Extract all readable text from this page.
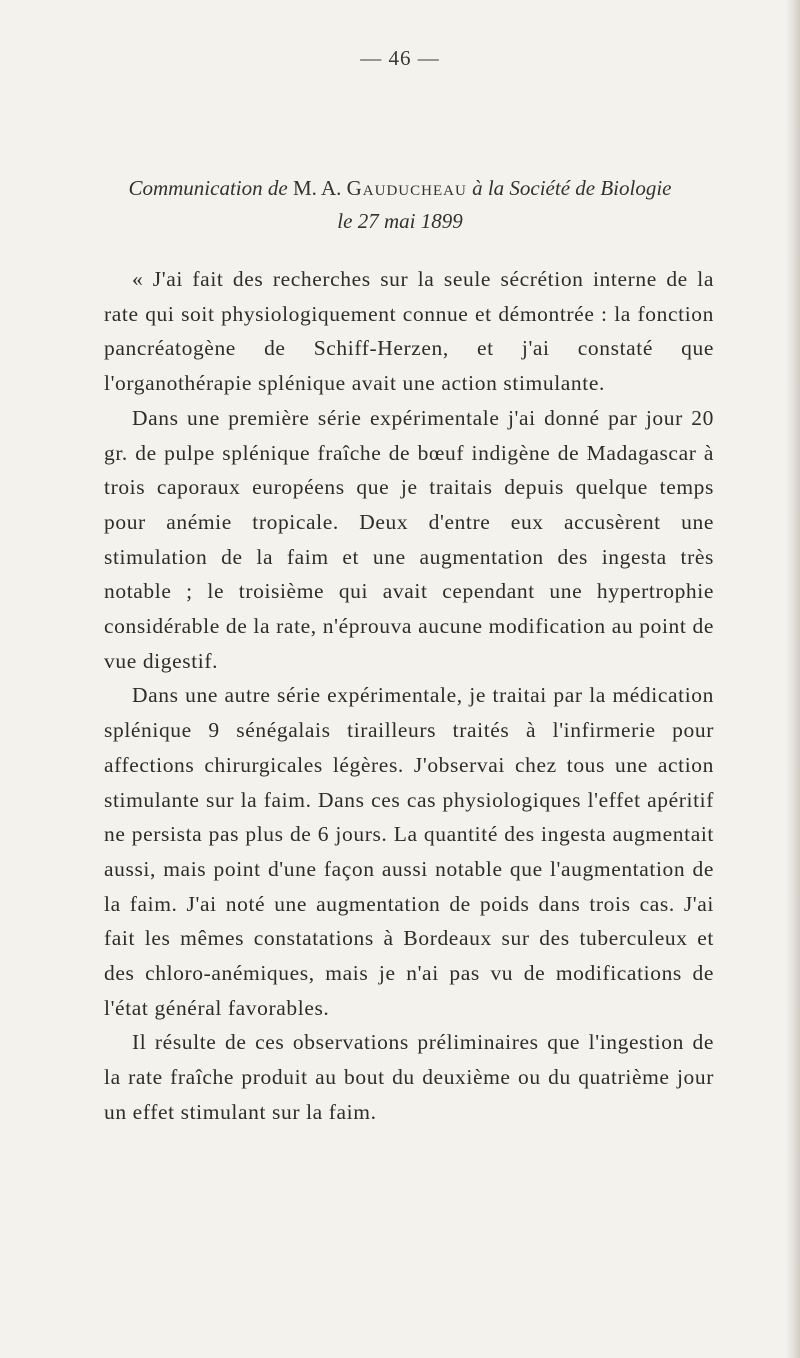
— 46 —
Communication de M. A. Gauducheau à la Société de Biologie
le 27 mai 1899

« J'ai fait des recherches sur la seule sécrétion interne de la rate qui soit physiologiquement connue et démontrée : la fonction pancréatogène de Schiff-Herzen, et j'ai constaté que l'organothérapie splénique avait une action stimulante.

Dans une première série expérimentale j'ai donné par jour 20 gr. de pulpe splénique fraîche de bœuf indigène de Madagascar à trois caporaux européens que je traitais depuis quelque temps pour anémie tropicale. Deux d'entre eux accusèrent une stimulation de la faim et une augmentation des ingesta très notable ; le troisième qui avait cependant une hypertrophie considérable de la rate, n'éprouva aucune modification au point de vue digestif.

Dans une autre série expérimentale, je traitai par la médication splénique 9 sénégalais tirailleurs traités à l'infirmerie pour affections chirurgicales légères. J'observai chez tous une action stimulante sur la faim. Dans ces cas physiologiques l'effet apéritif ne persista pas plus de 6 jours. La quantité des ingesta augmentait aussi, mais point d'une façon aussi notable que l'augmentation de la faim. J'ai noté une augmentation de poids dans trois cas. J'ai fait les mêmes constatations à Bordeaux sur des tuberculeux et des chloro-anémiques, mais je n'ai pas vu de modifications de l'état général favorables.

Il résulte de ces observations préliminaires que l'ingestion de la rate fraîche produit au bout du deuxième ou du quatrième jour un effet stimulant sur la faim.
